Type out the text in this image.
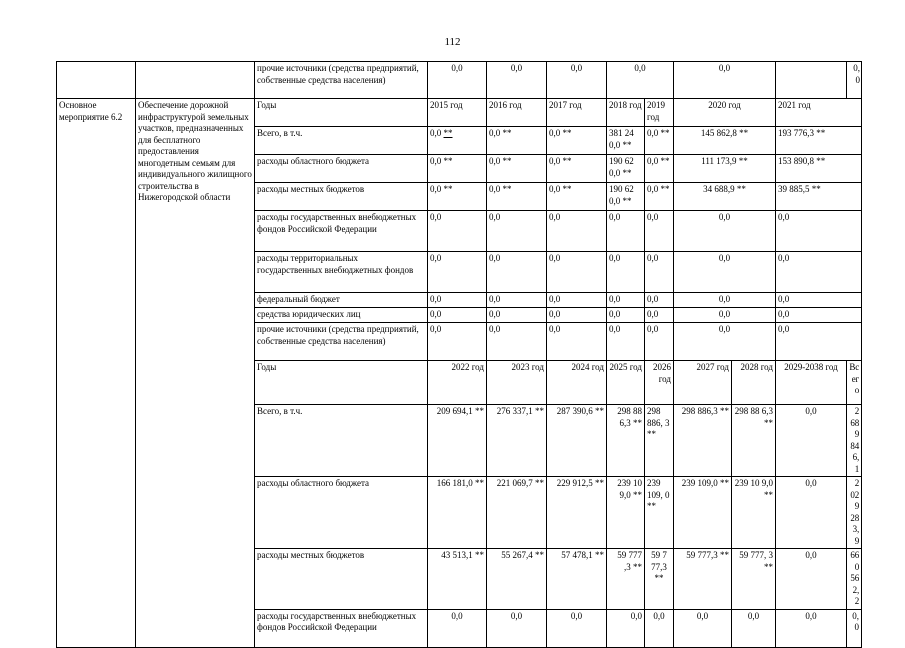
112
		прочие источники (средства предприятий, собственные средства населения)	0,0	0,0	0,0	0,0		0,0			0,0
Основное мероприятие 6.2	Обеспечение дорожной инфраструктурой земельных участков, предназначенных для бесплатного предоставления многодетным семьям для индивидуального жилищного строительства в Нижегородской области	Годы	2015 год	2016 год	2017 год	2018 год	2019 год	2020 год		2021 год	
		Всего, в т.ч.	0,0 **	0,0 **	0,0 **	381 24 0,0 **	0,0 **	145 862,8 **		193 776,3 **	
		расходы областного бюджета	0,0 **	0,0 **	0,0 **	190 62 0,0 **	0,0 **	111 173,9 **		153 890,8 **	
		расходы местных бюджетов	0,0 **	0,0 **	0,0 **	190 62 0,0 **	0,0 **	34 688,9 **		39 885,5 **	
		расходы государственных внебюджетных фондов Российской Федерации	0,0	0,0	0,0	0,0	0,0	0,0		0,0	
		расходы территориальных государственных внебюджетных фондов	0,0	0,0	0,0	0,0	0,0	0,0		0,0	
		федеральный бюджет	0,0	0,0	0,0	0,0	0,0	0,0		0,0	
		средства юридических лиц	0,0	0,0	0,0	0,0	0,0	0,0		0,0	
		прочие источники (средства предприятий, собственные средства населения)	0,0	0,0	0,0	0,0	0,0	0,0		0,0	
		Годы	2022 год	2023 год	2024 год	2025 год	2026 год	2027 год	2028 год	2029-2038 год	Всего
		Всего, в т.ч.	209 694,1 **	276 337,1 **	287 390,6 **	298 88 6,3 **	298 886, 3 **	298 886,3 **	298 88 6,3 **	0,0	2 68 9 84 6,1
		расходы областного бюджета	166 181,0 **	221 069,7 **	229 912,5 **	239 10 9,0 **	239 109, 0 **	239 109,0 **	239 10 9,0 **	0,0	2 02 9 28 3,9
		расходы местных бюджетов	43 513,1 **	55 267,4 **	57 478,1 **	59 777 ,3 **	59 7 77,3 **	59 777,3 **	59 777, 3 **	0,0	660 562, 2
		расходы государственных внебюджетных фондов Российской Федерации	0,0	0,0	0,0	0,0	0,0	0,0	0,0	0,0	0,0
